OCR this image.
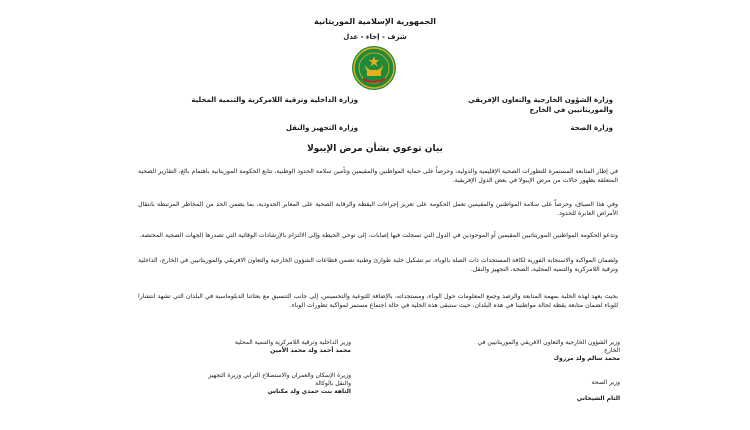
الجمهورية الإسلامية الموريتانية
شرف - إخاء - عدل
وزارة الشؤون الخارجية والتعاون الإفريقي والموريتانيين في الخارج
وزارة الداخلية وترقية اللامركزية والتنمية المحلية
وزارة الصحة
وزارة التجهيز والنقل
بيان توعوي بشأن مرض الإيبولا
في إطار المتابعة المستمرة للتطورات الصحية الإقليمية والدولية، وحرصاً على حماية المواطنين والمقيمين وتأمين سلامة الحدود الوطنية، تتابع الحكومة الموريتانية باهتمام بالغ، التقارير الصحية المتعلقة بظهور حالات من مرض الإيبولا في بعض الدول الإفريقية.
وفي هذا السياق، وحرصاً على سلامة المواطنين والمقيمين تعمل الحكومة على تعزيز إجراءات اليقظة والرقابة الصحية على المعابر الحدودية، بما يضمن الحد من المخاطر المرتبطة بانتقال الأمراض العابرة للحدود.
وتدعو الحكومة المواطنين الموريتانيين المقيمين أو الموجودين في الدول التي تسجلت فيها إصابات، إلى توخي الحيطة وإلى الالتزام بالإرشادات الوقائية التي تصدرها الجهات الصحية المختصة.
ولضمان المواكبة والاستجابة الفورية لكافة المستجدات ذات الصلة بالوباء، تم تشكيل خلية طوارئ وطنية تضمن قطاعات الشؤون الخارجية والتعاون الافريقي والموريتانيين في الخارج، الداخلية وترقية اللامركزية والتنمية المحلية، الصحة، التجهيز والنقل.
بحيث يعهد لهذه الخلية بمهمة المتابعة والرصد وجمع المعلومات حول الوباء، ومستجداته، بالإضافة للتوعية والتحسيس، إلى جانب التنسيق مع بعثاتنا الدبلوماسية في البلدان التي تشهد انتشارا للوباء لضمان متابعة يقظة لحالة مواطنينا في هذه البلدان. حيث ستبقى هذه الخلية في حالة اجتماع مستمر لمواكبة تطورات الوباء.
وزير الشؤون الخارجية والتعاون الافريقي والموريتانيين في الخارج
محمد سالم ولد مرزوك
وزير الداخلية وترقية اللامركزية والتنمية المحلية
محمد أحمد ولد محمد الأمين
وزير الصحة
التام الشيخاني
وزيرة الإسكان والعمران والاستصلاح الترابي وزيرة التجهيز والنقل بالوكالة
الناهة بنت حمدي ولد مكناس
